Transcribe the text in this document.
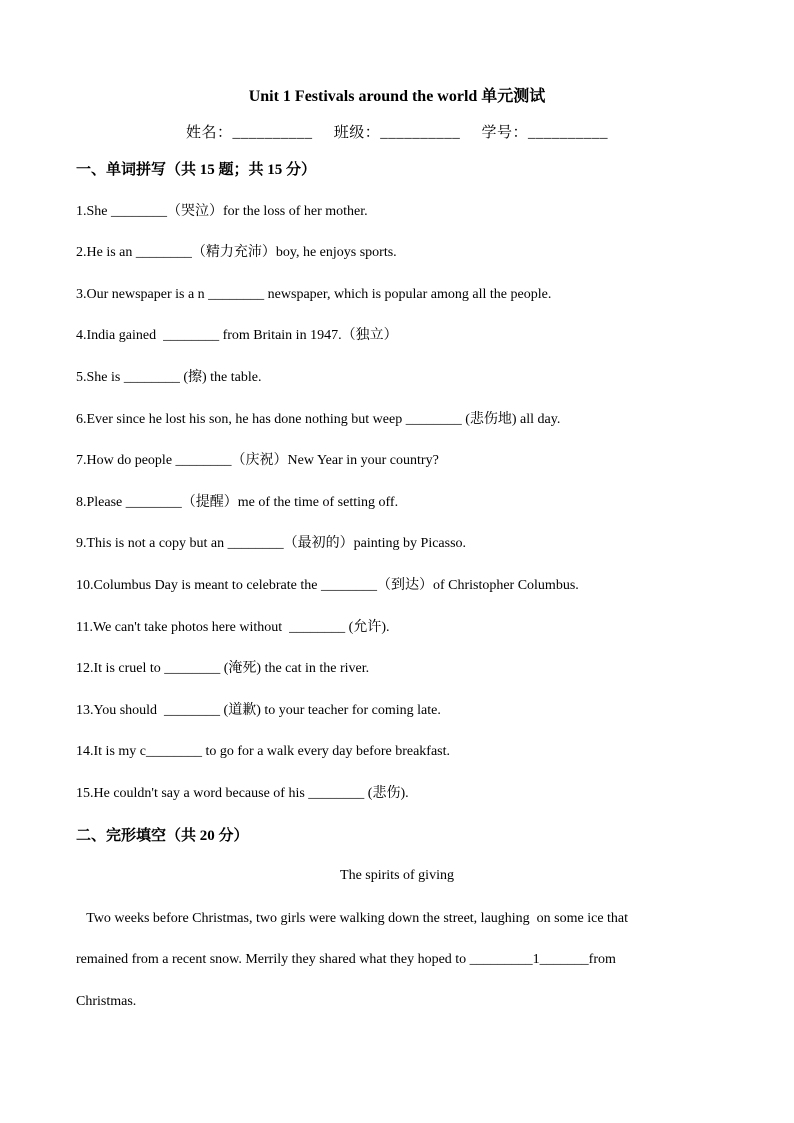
Unit 1 Festivals around the world 单元测试
姓名：__________ 班级：__________ 学号：__________
一、单词拼写（共 15 题；共 15 分）
1.She ________（哭泣）for the loss of her mother.
2.He is an ________（精力充沛）boy, he enjoys sports.
3.Our newspaper is a n ________ newspaper, which is popular among all the people.
4.India gained  ________ from Britain in 1947.（独立）
5.She is ________ (擦) the table.
6.Ever since he lost his son, he has done nothing but weep ________ (悲伤地) all day.
7.How do people ________（庆祝）New Year in your country?
8.Please ________（提醒）me of the time of setting off.
9.This is not a copy but an ________（最初的）painting by Picasso.
10.Columbus Day is meant to celebrate the ________（到达）of Christopher Columbus.
11.We can't take photos here without  ________ (允许).
12.It is cruel to ________ (淹死) the cat in the river.
13.You should  ________ (道歉) to your teacher for coming late.
14.It is my c________ to go for a walk every day before breakfast.
15.He couldn't say a word because of his ________ (悲伤).
二、完形填空（共 20 分）
The spirits of giving
Two weeks before Christmas, two girls were walking down the street, laughing  on some ice that
remained from a recent snow. Merrily they shared what they hoped to _________1_______from
Christmas.
